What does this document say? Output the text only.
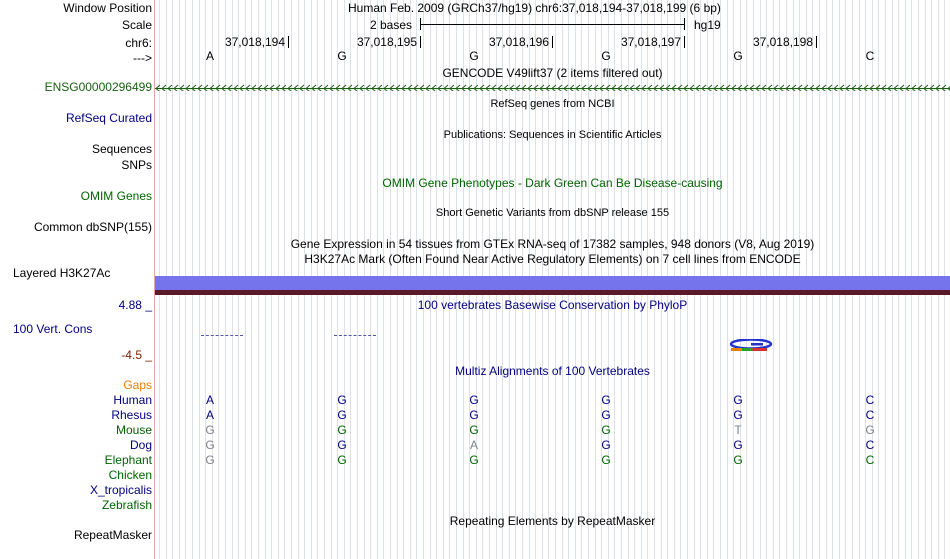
Window Position
Scale
chr6:
--->
ENSG00000296499
RefSeq Curated
Sequences
SNPs
OMIM Genes
Common dbSNP(155)
Layered H3K27Ac
4.88 _
100 Vert. Cons
-4.5 _
Gaps
Human
Rhesus
Mouse
Dog
Elephant
Chicken
X_tropicalis
Zebrafish
RepeatMasker
Human Feb. 2009 (GRCh37/hg19) chr6:37,018,194-37,018,199 (6 bp)
2 bases	hg19
37,018,194	37,018,195	37,018,196	37,018,197	37,018,198
A	G	G	G	G	C
GENCODE V49lift37 (2 items filtered out)
RefSeq genes from NCBI
Publications: Sequences in Scientific Articles
OMIM Gene Phenotypes - Dark Green Can Be Disease-causing
Short Genetic Variants from dbSNP release 155
Gene Expression in 54 tissues from GTEx RNA-seq of 17382 samples, 948 donors (V8, Aug 2019)
H3K27Ac Mark (Often Found Near Active Regulatory Elements) on 7 cell lines from ENCODE
100 vertebrates Basewise Conservation by PhyloP
Multiz Alignments of 100 Vertebrates
A	G	G	G	G	C
A	G	G	G	G	C
G	G	G	G	T	G
G	G	A	G	G	C
G	G	G	G	G	C
Repeating Elements by RepeatMasker
